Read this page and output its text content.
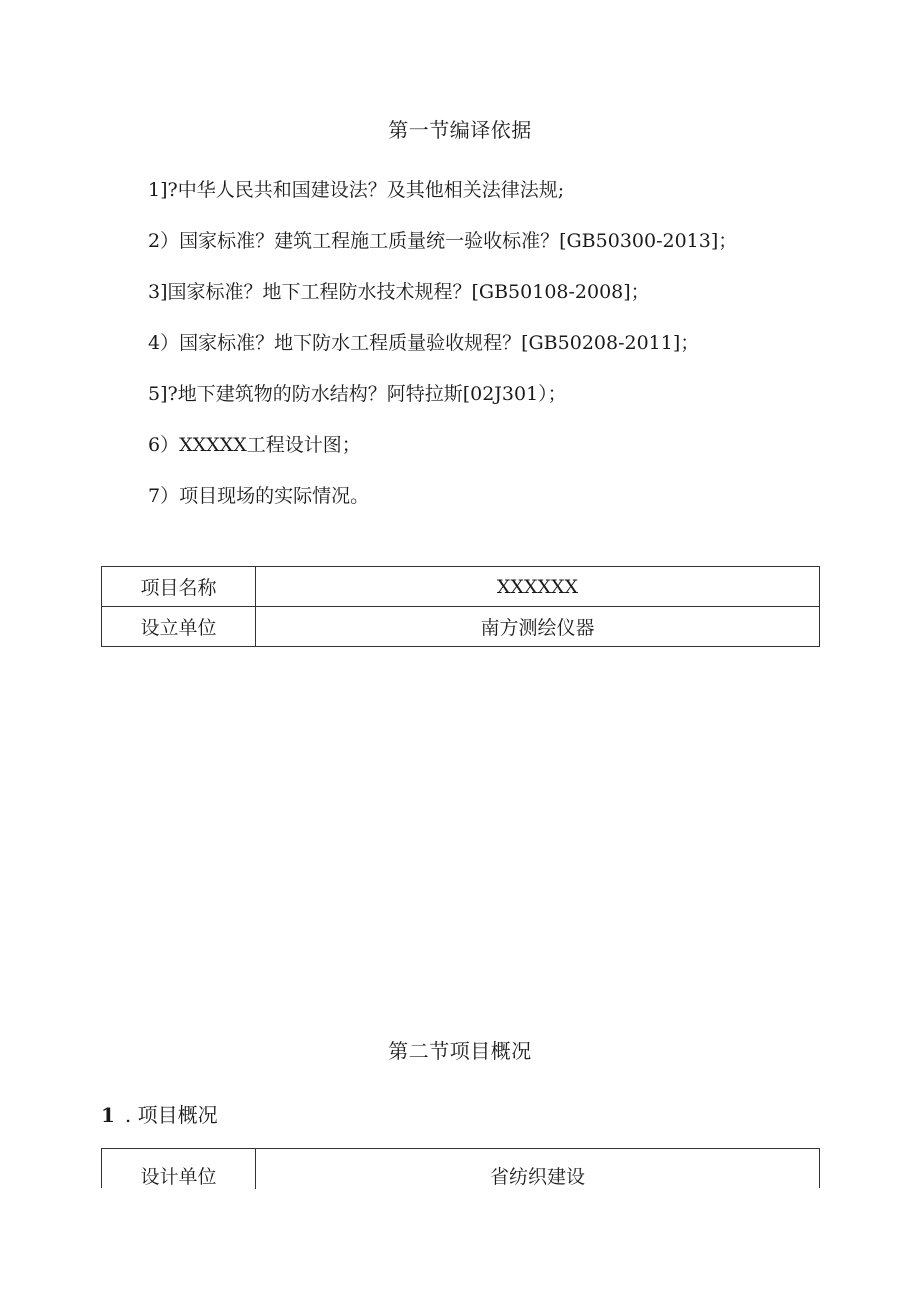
第一节编译依据
1]?中华人民共和国建设法？及其他相关法律法规;
2）国家标准？建筑工程施工质量统一验收标准？[GB50300-2013]；
3]国家标准？地下工程防水技术规程？[GB50108-2008]；
4）国家标准？地下防水工程质量验收规程？[GB50208-2011]；
5]?地下建筑物的防水结构？阿特拉斯[02J301）；
6）XXXXX工程设计图；
7）项目现场的实际情况。
项目名称	XXXXXX
设立单位	南方测绘仪器
第二节项目概况
1 . 项目概况
设计单位	省纺织建设
